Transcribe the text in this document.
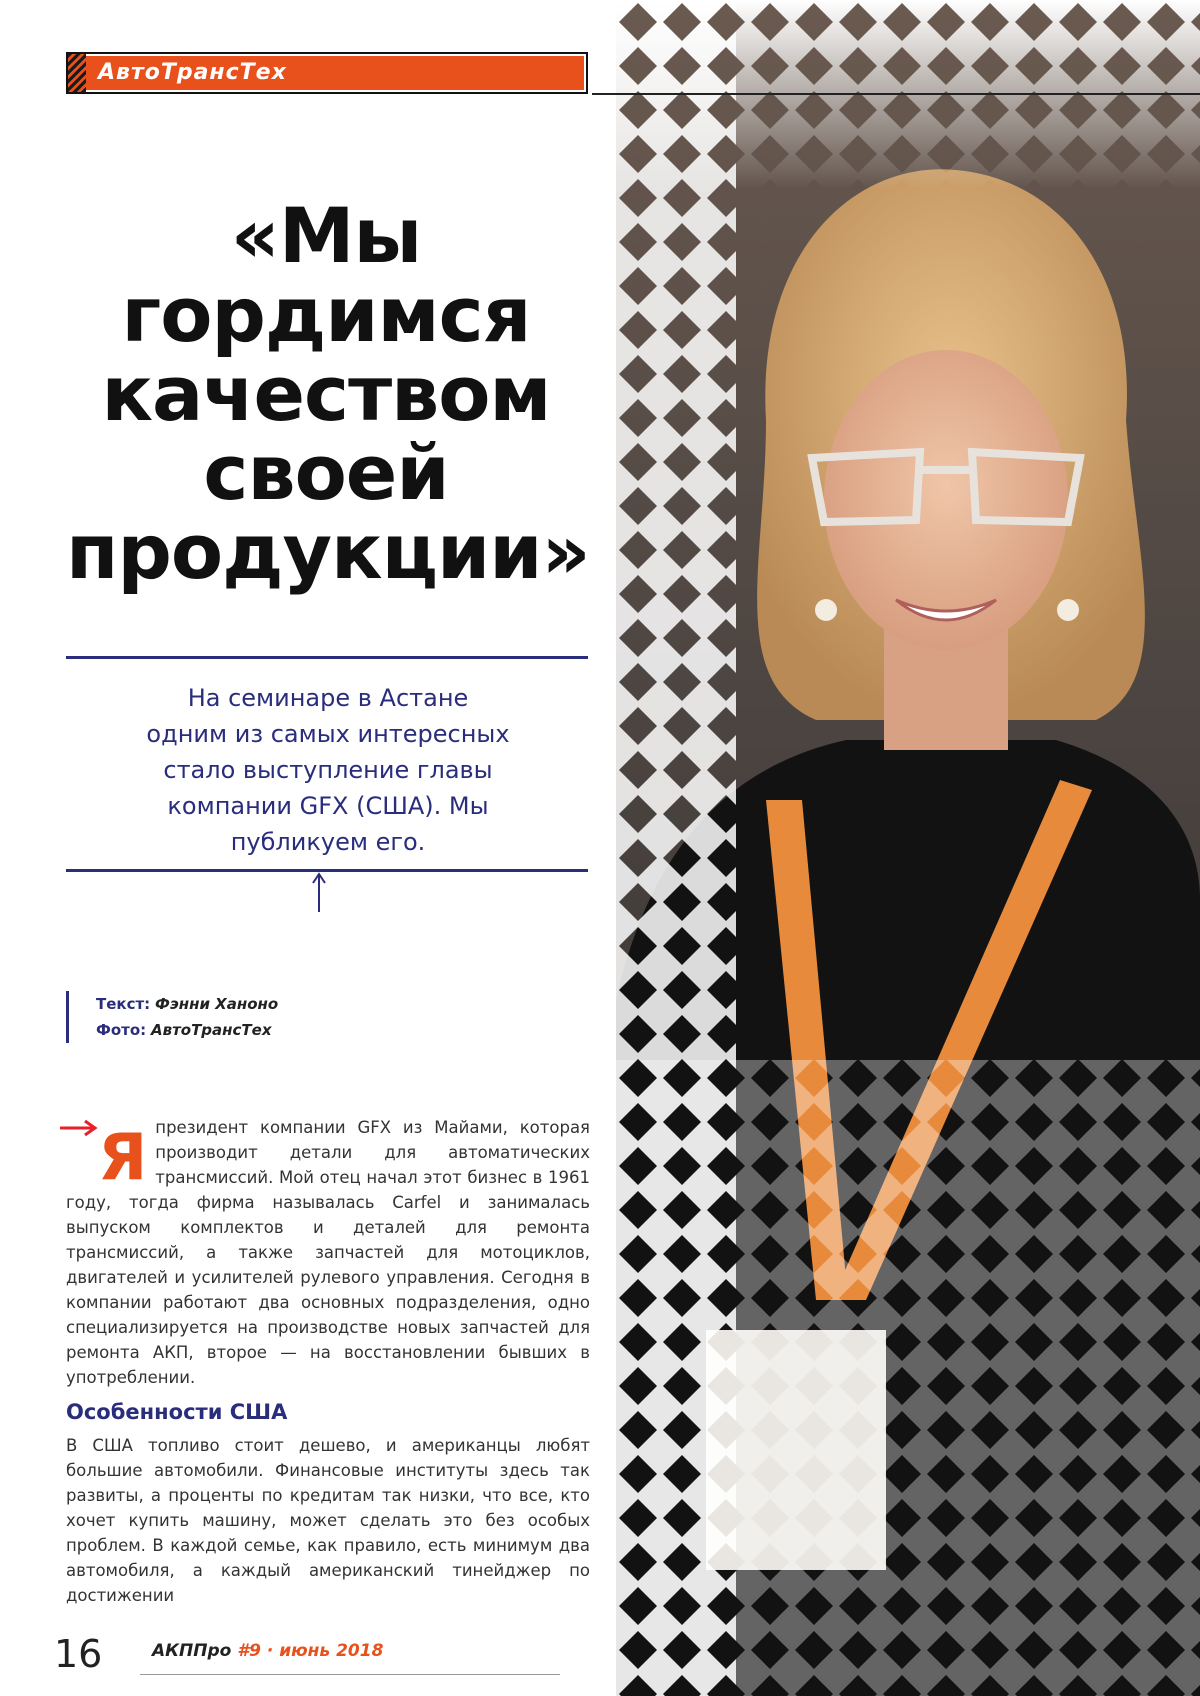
АвтоТрансТех
«Мы
гордимся
качеством
своей
продукции»
На семинаре в Астане
одним из самых интересных
стало выступление главы
компании GFX (США). Мы
публикуем его.
Текст: Фэнни Ханоно
Фото: АвтоТрансТех

Я президент компании GFX из Майами, которая производит детали для автоматических трансмиссий. Мой отец начал этот бизнес в 1961 году, тогда фирма называлась Carfel и занималась выпуском комплектов и деталей для ремонта трансмиссий, а также запчастей для мотоциклов, двигателей и усилителей рулевого управления. Сегодня в компании работают два основных подразделения, одно специализируется на производстве новых запчастей для ремонта АКП, второе — на восстановлении бывших в употреблении.

Особенности США

В США топливо стоит дешево, и американцы любят большие автомобили. Финансовые институты здесь так развиты, а проценты по кредитам так низки, что все, кто хочет купить машину, может сделать это без особых проблем. В каждой семье, как правило, есть минимум два автомобиля, а каждый американский тинейджер по достижении

16	АКППро #9 · июнь 2018
